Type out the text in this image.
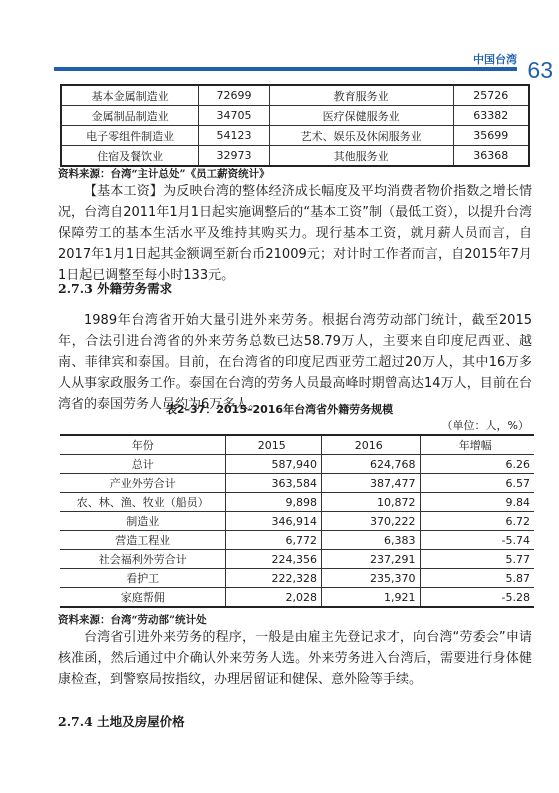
中国台湾 63
基本金属制造业	72699	教育服务业	25726
金属制品制造业	34705	医疗保健服务业	63382
电子零组件制造业	54123	艺术、娱乐及休闲服务业	35699
住宿及餐饮业	32973	其他服务业	36368
资料来源：台湾“主计总处”《员工薪资统计》

【基本工资】为反映台湾的整体经济成长幅度及平均消费者物价指数之增长情况，台湾自2011年1月1日起实施调整后的“基本工资”制（最低工资），以提升台湾保障劳工的基本生活水平及维持其购买力。现行基本工资，就月薪人员而言，自2017年1月1日起其金额调至新台币21009元；对计时工作者而言，自2015年7月1日起已调整至每小时133元。

2.7.3 外籍劳务需求

1989年台湾省开始大量引进外来劳务。根据台湾劳动部门统计，截至2015年，合法引进台湾省的外来劳务总数已达58.79万人，主要来自印度尼西亚、越南、菲律宾和泰国。目前，在台湾省的印度尼西亚劳工超过20万人，其中16万多人从事家政服务工作。泰国在台湾的劳务人员最高峰时期曾高达14万人，目前在台湾省的泰国劳务人员约为6万多人。

表2–37：2015–2016年台湾省外籍劳务规模
（单位：人，%）
年份	2015	2016	年增幅
总计	587,940	624,768	6.26
产业外劳合计	363,584	387,477	6.57
农、林、渔、牧业（船员）	9,898	10,872	9.84
制造业	346,914	370,222	6.72
营造工程业	6,772	6,383	-5.74
社会福利外劳合计	224,356	237,291	5.77
看护工	222,328	235,370	5.87
家庭帮佣	2,028	1,921	-5.28
资料来源：台湾“劳动部”统计处

台湾省引进外来劳务的程序，一般是由雇主先登记求才，向台湾“劳委会”申请核准函，然后通过中介确认外来劳务人选。外来劳务进入台湾后，需要进行身体健康检查，到警察局按指纹，办理居留证和健保、意外险等手续。

2.7.4 土地及房屋价格
